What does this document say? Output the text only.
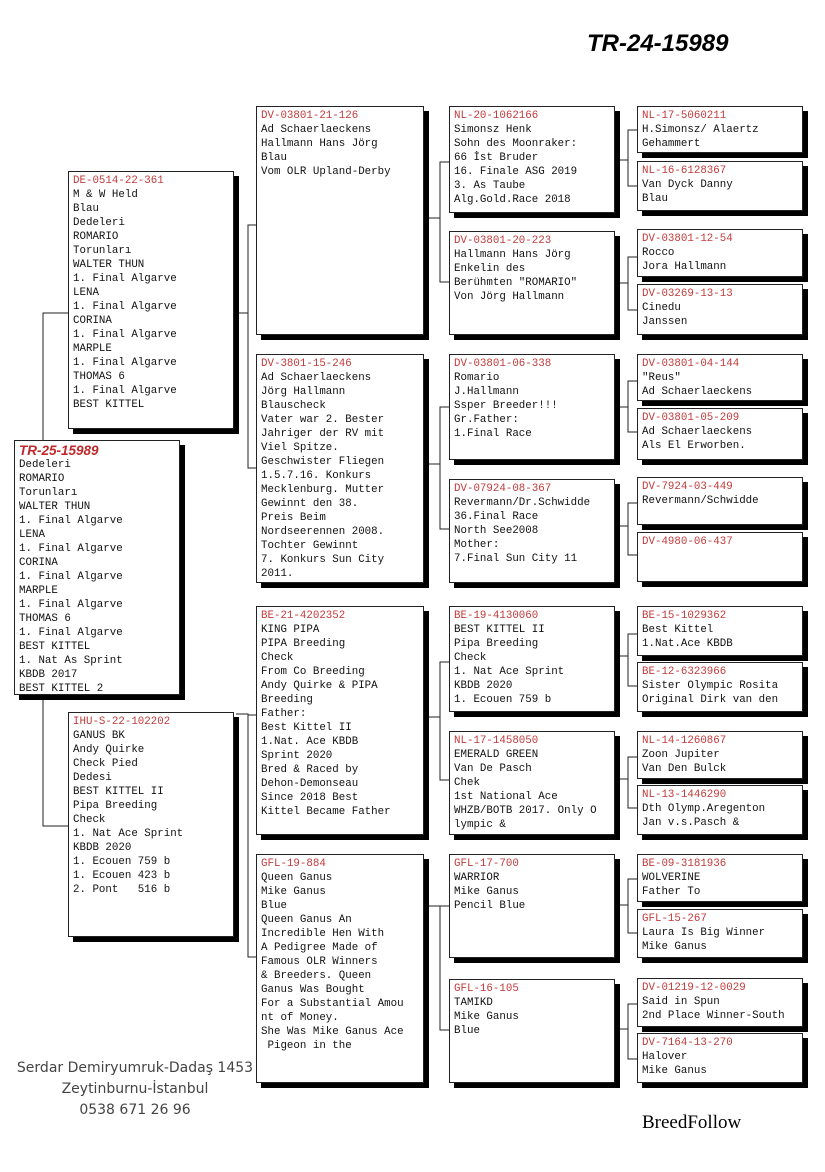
TR-24-15989
TR-25-15989
Dedeleri
ROMARIO
Torunları
WALTER THUN
1. Final Algarve
LENA
1. Final Algarve
CORINA
1. Final Algarve
MARPLE
1. Final Algarve
THOMAS 6
1. Final Algarve
BEST KITTEL
1. Nat As Sprint
KBDB 2017
BEST KITTEL 2
DE-0514-22-361
M & W Held
Blau
Dedeleri
ROMARIO
Torunları
WALTER THUN
1. Final Algarve
LENA
1. Final Algarve
CORINA
1. Final Algarve
MARPLE
1. Final Algarve
THOMAS 6
1. Final Algarve
BEST KITTEL
IHU-S-22-102202
GANUS BK
Andy Quirke
Check Pied
Dedesi
BEST KITTEL II
Pipa Breeding
Check
1. Nat Ace Sprint
KBDB 2020
1. Ecouen 759 b
1. Ecouen 423 b
2. Pont   516 b
DV-03801-21-126
Ad Schaerlaeckens
Hallmann Hans Jörg
Blau
Vom OLR Upland-Derby
DV-3801-15-246
Ad Schaerlaeckens
Jörg Hallmann
Blauscheck
Vater war 2. Bester
Jahriger der RV mit
Viel Spitze.
Geschwister Fliegen
1.5.7.16. Konkurs
Mecklenburg. Mutter
Gewinnt den 38.
Preis Beim
Nordseerennen 2008.
Tochter Gewinnt
7. Konkurs Sun City
2011.
BE-21-4202352
KING PIPA
PIPA Breeding
Check
From Co Breeding
Andy Quirke & PIPA
Breeding
Father:
Best Kittel II
1.Nat. Ace KBDB
Sprint 2020
Bred & Raced by
Dehon-Demonseau
Since 2018 Best
Kittel Became Father
GFL-19-884
Queen Ganus
Mike Ganus
Blue
Queen Ganus An
Incredible Hen With
A Pedigree Made of
Famous OLR Winners
& Breeders. Queen
Ganus Was Bought
For a Substantial Amou
nt of Money.
She Was Mike Ganus Ace
Pigeon in the
NL-20-1062166
Simonsz Henk
Sohn des Moonraker:
66 İst Bruder
16. Finale ASG 2019
3. As Taube
Alg.Gold.Race 2018
DV-03801-20-223
Hallmann Hans Jörg
Enkelin des
Berühmten "ROMARIO"
Von Jörg Hallmann
DV-03801-06-338
Romario
J.Hallmann
Ssper Breeder!!!
Gr.Father:
1.Final Race
DV-07924-08-367
Revermann/Dr.Schwidde
36.Final Race
North See2008
Mother:
7.Final Sun City 11
BE-19-4130060
BEST KITTEL II
Pipa Breeding
Check
1. Nat Ace Sprint
KBDB 2020
1. Ecouen 759 b
NL-17-1458050
EMERALD GREEN
Van De Pasch
Chek
1st National Ace
WHZB/BOTB 2017. Only O
lympic &
GFL-17-700
WARRIOR
Mike Ganus
Pencil Blue
GFL-16-105
TAMIKD
Mike Ganus
Blue
NL-17-5060211
H.Simonsz/ Alaertz
Gehammert
NL-16-6128367
Van Dyck Danny
Blau
DV-03801-12-54
Rocco
Jora Hallmann
DV-03269-13-13
Cinedu
Janssen
DV-03801-04-144
"Reus"
Ad Schaerlaeckens
DV-03801-05-209
Ad Schaerlaeckens
Als El Erworben.
DV-7924-03-449
Revermann/Schwidde
DV-4980-06-437
BE-15-1029362
Best Kittel
1.Nat.Ace KBDB
BE-12-6323966
Sister Olympic Rosita
Original Dirk van den
NL-14-1260867
Zoon Jupiter
Van Den Bulck
NL-13-1446290
Dth Olymp.Aregenton
Jan v.s.Pasch &
BE-09-3181936
WOLVERINE
Father To
GFL-15-267
Laura Is Big Winner
Mike Ganus
DV-01219-12-0029
Said in Spun
2nd Place Winner-South
DV-7164-13-270
Halover
Mike Ganus
Serdar Demiryumruk-Dadaş 1453
Zeytinburnu-İstanbul
0538 671 26 96
BreedFollow
